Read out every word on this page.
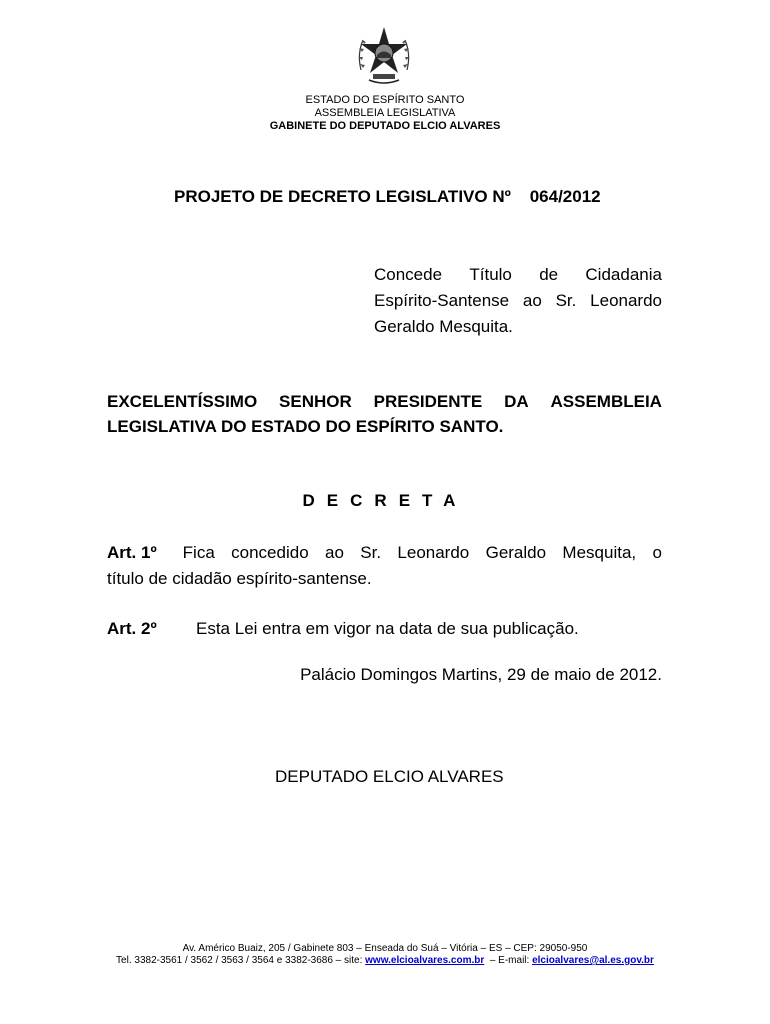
ESTADO DO ESPÍRITO SANTO
ASSEMBLEIA LEGISLATIVA
GABINETE DO DEPUTADO ELCIO ALVARES
PROJETO DE DECRETO LEGISLATIVO Nº    064/2012
Concede Título de Cidadania
Espírito-Santense ao Sr. Leonardo
Geraldo Mesquita.
EXCELENTÍSSIMO SENHOR PRESIDENTE DA ASSEMBLEIA
LEGISLATIVA DO ESTADO DO ESPÍRITO SANTO.
DECRETA
Art. 1º Fica concedido ao Sr. Leonardo Geraldo Mesquita, o
título de cidadão espírito-santense.
Art. 2º Esta Lei entra em vigor na data de sua publicação.
Palácio Domingos Martins, 29 de maio de 2012.
DEPUTADO ELCIO ALVARES
Av. Américo Buaiz, 205 / Gabinete 803 – Enseada do Suá – Vitória – ES – CEP: 29050-950
Tel. 3382-3561 / 3562 / 3563 / 3564 e 3382-3686 – site: www.elcioalvares.com.br  – E-mail: elcioalvares@al.es.gov.br
